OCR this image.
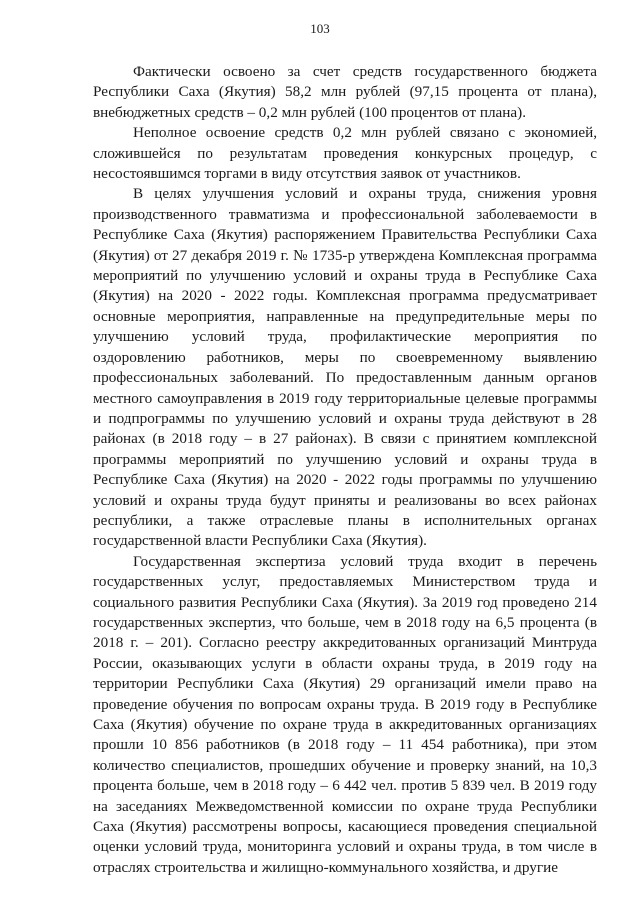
103

Фактически освоено за счет средств государственного бюджета Республики Саха (Якутия) 58,2 млн рублей (97,15 процента от плана), внебюджетных средств – 0,2 млн рублей (100 процентов от плана).

Неполное освоение средств 0,2 млн рублей связано с экономией, сложившейся по результатам проведения конкурсных процедур, с несостоявшимся торгами в виду отсутствия заявок от участников.

В целях улучшения условий и охраны труда, снижения уровня производственного травматизма и профессиональной заболеваемости в Республике Саха (Якутия) распоряжением Правительства Республики Саха (Якутия) от 27 декабря 2019 г. № 1735-р утверждена Комплексная программа мероприятий по улучшению условий и охраны труда в Республике Саха (Якутия) на 2020 - 2022 годы. Комплексная программа предусматривает основные мероприятия, направленные на предупредительные меры по улучшению условий труда, профилактические мероприятия по оздоровлению работников, меры по своевременному выявлению профессиональных заболеваний. По предоставленным данным органов местного самоуправления в 2019 году территориальные целевые программы и подпрограммы по улучшению условий и охраны труда действуют в 28 районах (в 2018 году – в 27 районах). В связи с принятием комплексной программы мероприятий по улучшению условий и охраны труда в Республике Саха (Якутия) на 2020 - 2022 годы программы по улучшению условий и охраны труда будут приняты и реализованы во всех районах республики, а также отраслевые планы в исполнительных органах государственной власти Республики Саха (Якутия).

Государственная экспертиза условий труда входит в перечень государственных услуг, предоставляемых Министерством труда и социального развития Республики Саха (Якутия). За 2019 год проведено 214 государственных экспертиз, что больше, чем в 2018 году на 6,5 процента (в 2018 г. – 201). Согласно реестру аккредитованных организаций Минтруда России, оказывающих услуги в области охраны труда, в 2019 году на территории Республики Саха (Якутия) 29 организаций имели право на проведение обучения по вопросам охраны труда. В 2019 году в Республике Саха (Якутия) обучение по охране труда в аккредитованных организациях прошли 10 856 работников (в 2018 году – 11 454 работника), при этом количество специалистов, прошедших обучение и проверку знаний, на 10,3 процента больше, чем в 2018 году – 6 442 чел. против 5 839 чел. В 2019 году на заседаниях Межведомственной комиссии по охране труда Республики Саха (Якутия) рассмотрены вопросы, касающиеся проведения специальной оценки условий труда, мониторинга условий и охраны труда, в том числе в отраслях строительства и жилищно-коммунального хозяйства, и другие
